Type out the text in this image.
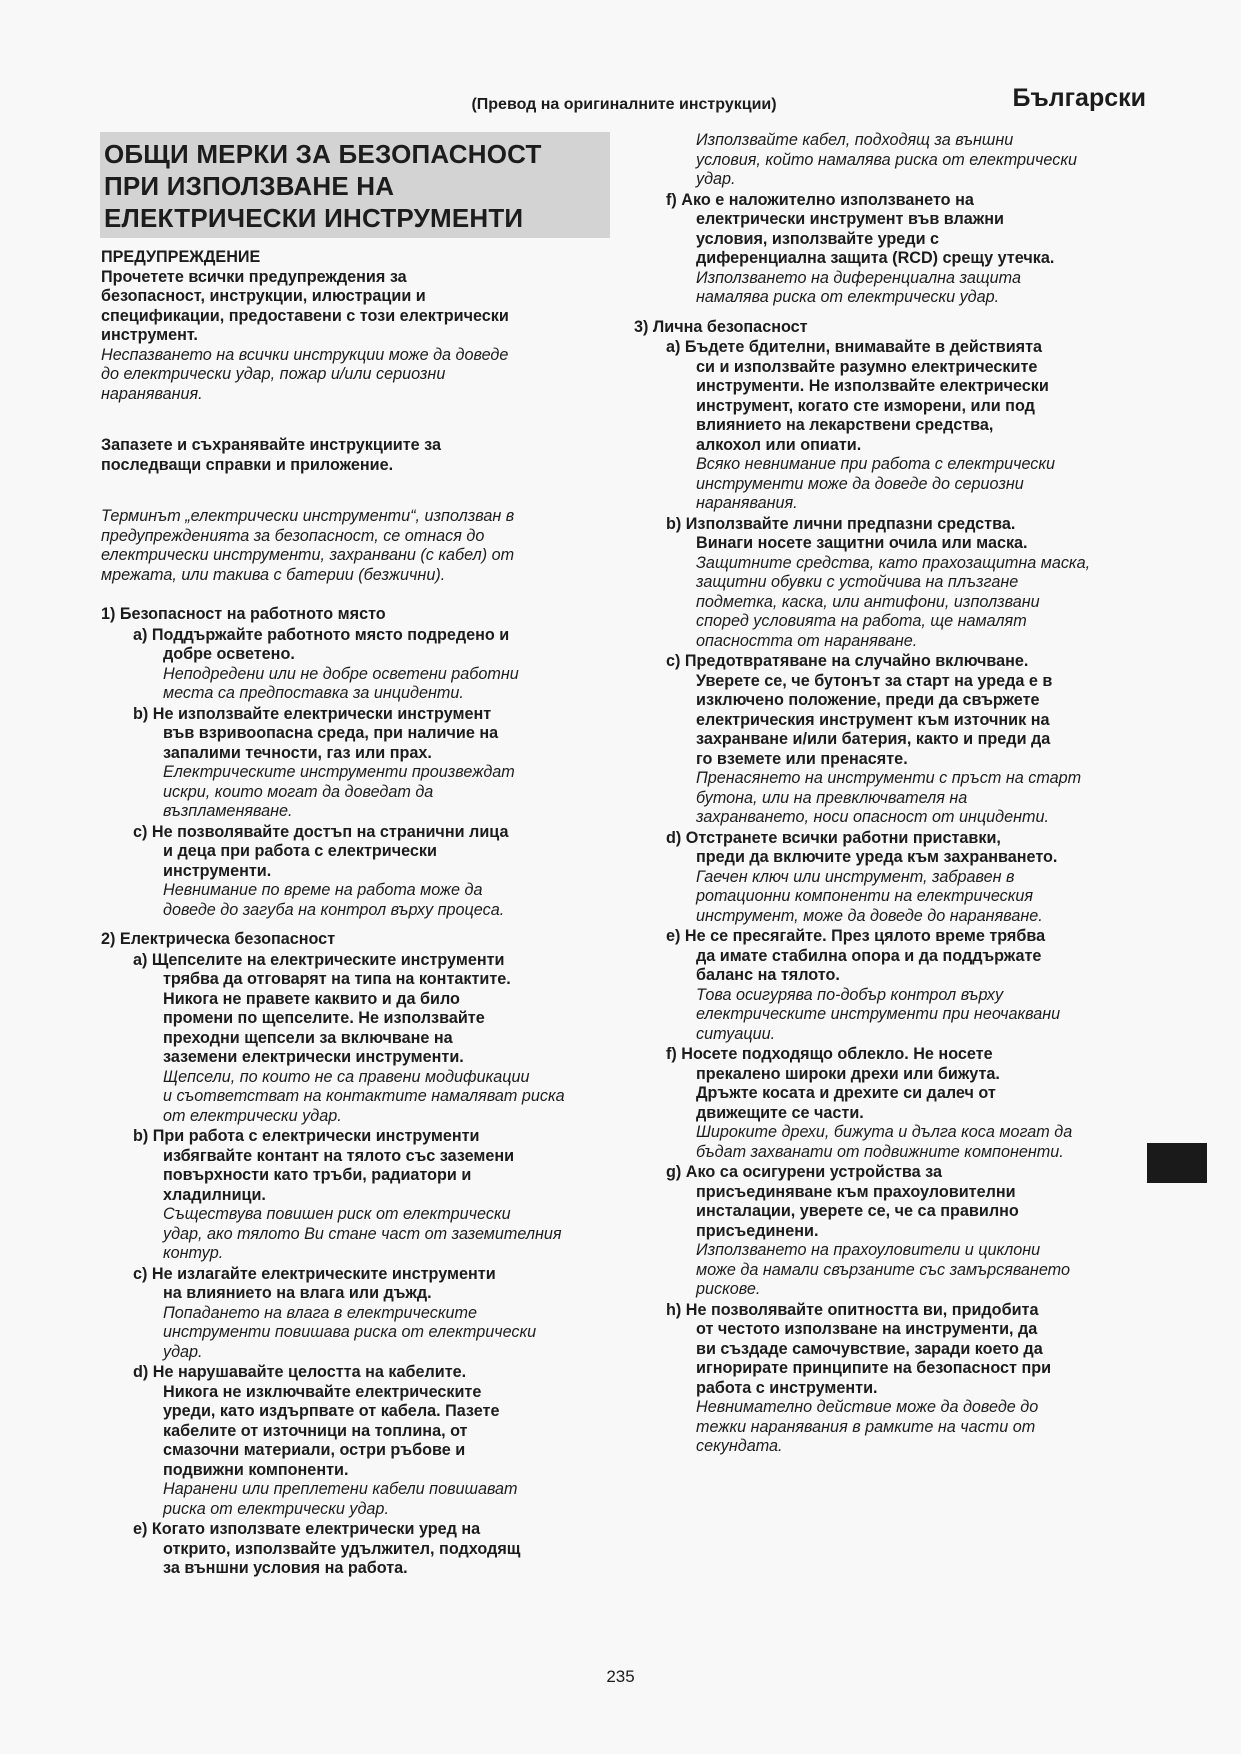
(Превод на оригиналните инструкции)	Български
ОБЩИ МЕРКИ ЗА БЕЗОПАСНОСТ
ПРИ ИЗПОЛЗВАНЕ НА
ЕЛЕКТРИЧЕСКИ ИНСТРУМЕНТИ
ПРЕДУПРЕЖДЕНИЕ
Прочетете всички предупреждения за
безопасност, инструкции, илюстрации и
спецификации, предоставени с този електрически
инструмент.
Неспазването на всички инструкции може да доведе
до електрически удар, пожар и/или сериозни
наранявания.
Запазете и съхранявайте инструкциите за
последващи справки и приложение.
Терминът „електрически инструменти“, използван в
предупрежденията за безопасност, се отнася до
електрически инструменти, захранвани (с кабел) от
мрежата, или такива с батерии (безжични).
1) Безопасност на работното място
a) Поддържайте работното място подредено и
добре осветено.
Неподредени или не добре осветени работни
места са предпоставка за инциденти.
b) Не използвайте електрически инструмент
във взривоопасна среда, при наличие на
запалими течности, газ или прах.
Електрическите инструменти произвеждат
искри, които могат да доведат да
възпламеняване.
c) Не позволявайте достъп на странични лица
и деца при работа с електрически
инструменти.
Невнимание по време на работа може да
доведе до загуба на контрол върху процеса.
2) Електрическа безопасност
a) Щепселите на електрическите инструменти
трябва да отговарят на типа на контактите.
Никога не правете каквито и да било
промени по щепселите. Не използвайте
преходни щепсели за включване на
заземени електрически инструменти.
Щепсели, по които не са правени модификации
и съответстват на контактите намаляват риска
от електрически удар.
b) При работа с електрически инструменти
избягвайте контант на тялото със заземени
повърхности като тръби, радиатори и
хладилници.
Съществува повишен риск от електрически
удар, ако тялото Ви стане част от заземителния
контур.
c) Не излагайте електрическите инструменти
на влиянието на влага или дъжд.
Попадането на влага в електрическите
инструменти повишава риска от електрически
удар.
d) Не нарушавайте целостта на кабелите.
Никога не изключвайте електрическите
уреди, като издърпвате от кабела. Пазете
кабелите от източници на топлина, от
смазочни материали, остри ръбове и
подвижни компоненти.
Наранени или преплетени кабели повишават
риска от електрически удар.
e) Когато използвате електрически уред на
открито, използвайте удължител, подходящ
за външни условия на работа.
Използвайте кабел, подходящ за външни
условия, който намалява риска от електрически
удар.
f) Ако е наложително използването на
електрически инструмент във влажни
условия, използвайте уреди с
диференциална защита (RCD) срещу утечка.
Използването на диференциална защита
намалява риска от електрически удар.
3) Лична безопасност
a) Бъдете бдителни, внимавайте в действията
си и използвайте разумно електрическите
инструменти. Не използвайте електрически
инструмент, когато сте изморени, или под
влиянието на лекарствени средства,
алкохол или опиати.
Всяко невнимание при работа с електрически
инструменти може да доведе до сериозни
наранявания.
b) Използвайте лични предпазни средства.
Винаги носете защитни очила или маска.
Защитните средства, като прахозащитна маска,
защитни обувки с устойчива на плъзгане
подметка, каска, или антифони, използвани
според условията на работа, ще намалят
опасността от нараняване.
c) Предотвратяване на случайно включване.
Уверете се, че бутонът за старт на уреда е в
изключено положение, преди да свържете
електрическия инструмент към източник на
захранване и/или батерия, както и преди да
го вземете или пренасяте.
Пренасянето на инструменти с пръст на старт
бутона, или на превключвателя на
захранването, носи опасност от инциденти.
d) Отстранете всички работни приставки,
преди да включите уреда към захранването.
Гаечен ключ или инструмент, забравен в
ротационни компоненти на електрическия
инструмент, може да доведе до нараняване.
e) Не се пресягайте. През цялото време трябва
да имате стабилна опора и да поддържате
баланс на тялото.
Това осигурява по-добър контрол върху
електрическите инструменти при неочаквани
ситуации.
f) Носете подходящо облекло. Не носете
прекалено широки дрехи или бижута.
Дръжте косата и дрехите си далеч от
движещите се части.
Широките дрехи, бижута и дълга коса могат да
бъдат захванати от подвижните компоненти.
g) Ако са осигурени устройства за
присъединяване към прахоуловителни
инсталации, уверете се, че са правилно
присъединени.
Използването на прахоуловители и циклони
може да намали свързаните със замърсяването
рискове.
h) Не позволявайте опитността ви, придобита
от честото използване на инструменти, да
ви създаде самочувствие, заради което да
игнорирате принципите на безопасност при
работа с инструменти.
Невнимателно действие може да доведе до
тежки наранявания в рамките на части от
секундата.
235
